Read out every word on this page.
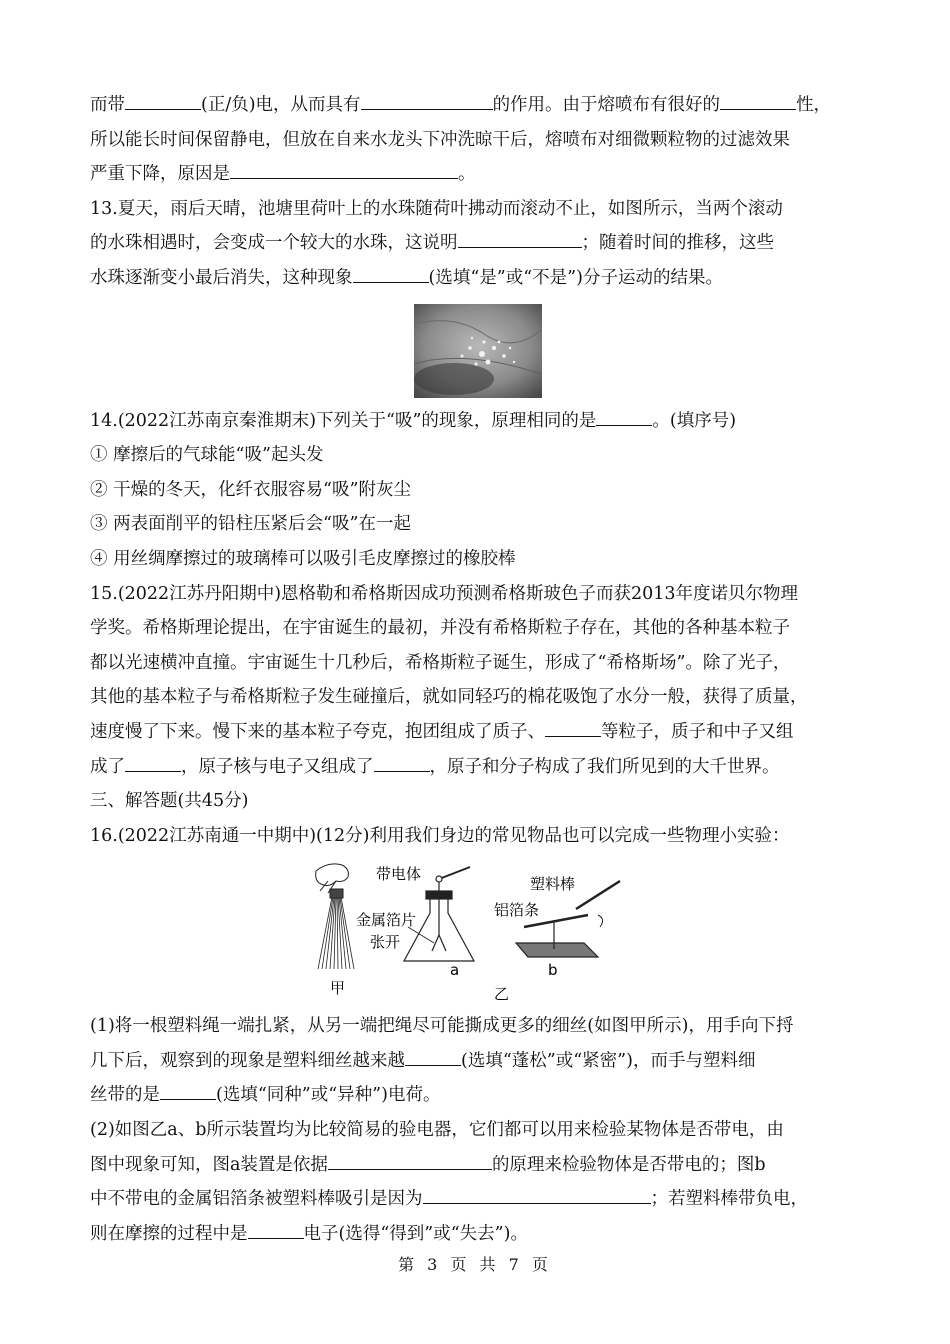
而带	(正/负)电，从而具有	的作用。由于熔喷布有很好的	性，

所以能长时间保留静电，但放在自来水龙头下冲洗晾干后，熔喷布对细微颗粒物的过滤效果

严重下降，原因是	。

13.夏天，雨后天晴，池塘里荷叶上的水珠随荷叶拂动而滚动不止，如图所示，当两个滚动

的水珠相遇时，会变成一个较大的水珠，这说明	；随着时间的推移，这些

水珠逐渐变小最后消失，这种现象	(选填“是”或“不是”)分子运动的结果。

14.(2022江苏南京秦淮期末)下列关于“吸”的现象，原理相同的是	。(填序号)

① 摩擦后的气球能“吸”起头发

② 干燥的冬天，化纤衣服容易“吸”附灰尘

③ 两表面削平的铅柱压紧后会“吸”在一起

④ 用丝绸摩擦过的玻璃棒可以吸引毛皮摩擦过的橡胶棒

15.(2022江苏丹阳期中)恩格勒和希格斯因成功预测希格斯玻色子而获2013年度诺贝尔物理

学奖。希格斯理论提出，在宇宙诞生的最初，并没有希格斯粒子存在，其他的各种基本粒子

都以光速横冲直撞。宇宙诞生十几秒后，希格斯粒子诞生，形成了“希格斯场”。除了光子，

其他的基本粒子与希格斯粒子发生碰撞后，就如同轻巧的棉花吸饱了水分一般，获得了质量，

速度慢了下来。慢下来的基本粒子夸克，抱团组成了质子、	等粒子，质子和中子又组

成了	，原子核与电子又组成了	，原子和分子构成了我们所见到的大千世界。

三、解答题(共45分)

16.(2022江苏南通一中期中)(12分)利用我们身边的常见物品也可以完成一些物理小实验：

甲
带电体
金属箔片
张开
a
塑料棒
铝箔条
b
乙

(1)将一根塑料绳一端扎紧，从另一端把绳尽可能撕成更多的细丝(如图甲所示)，用手向下捋

几下后，观察到的现象是塑料细丝越来越	(选填“蓬松”或“紧密”)，而手与塑料细

丝带的是	(选填“同种”或“异种”)电荷。

(2)如图乙a、b所示装置均为比较简易的验电器，它们都可以用来检验某物体是否带电，由

图中现象可知，图a装置是依据	的原理来检验物体是否带电的；图b

中不带电的金属铝箔条被塑料棒吸引是因为	；若塑料棒带负电，

则在摩擦的过程中是	电子(选得“得到”或“失去”)。

第 3 页 共 7 页
